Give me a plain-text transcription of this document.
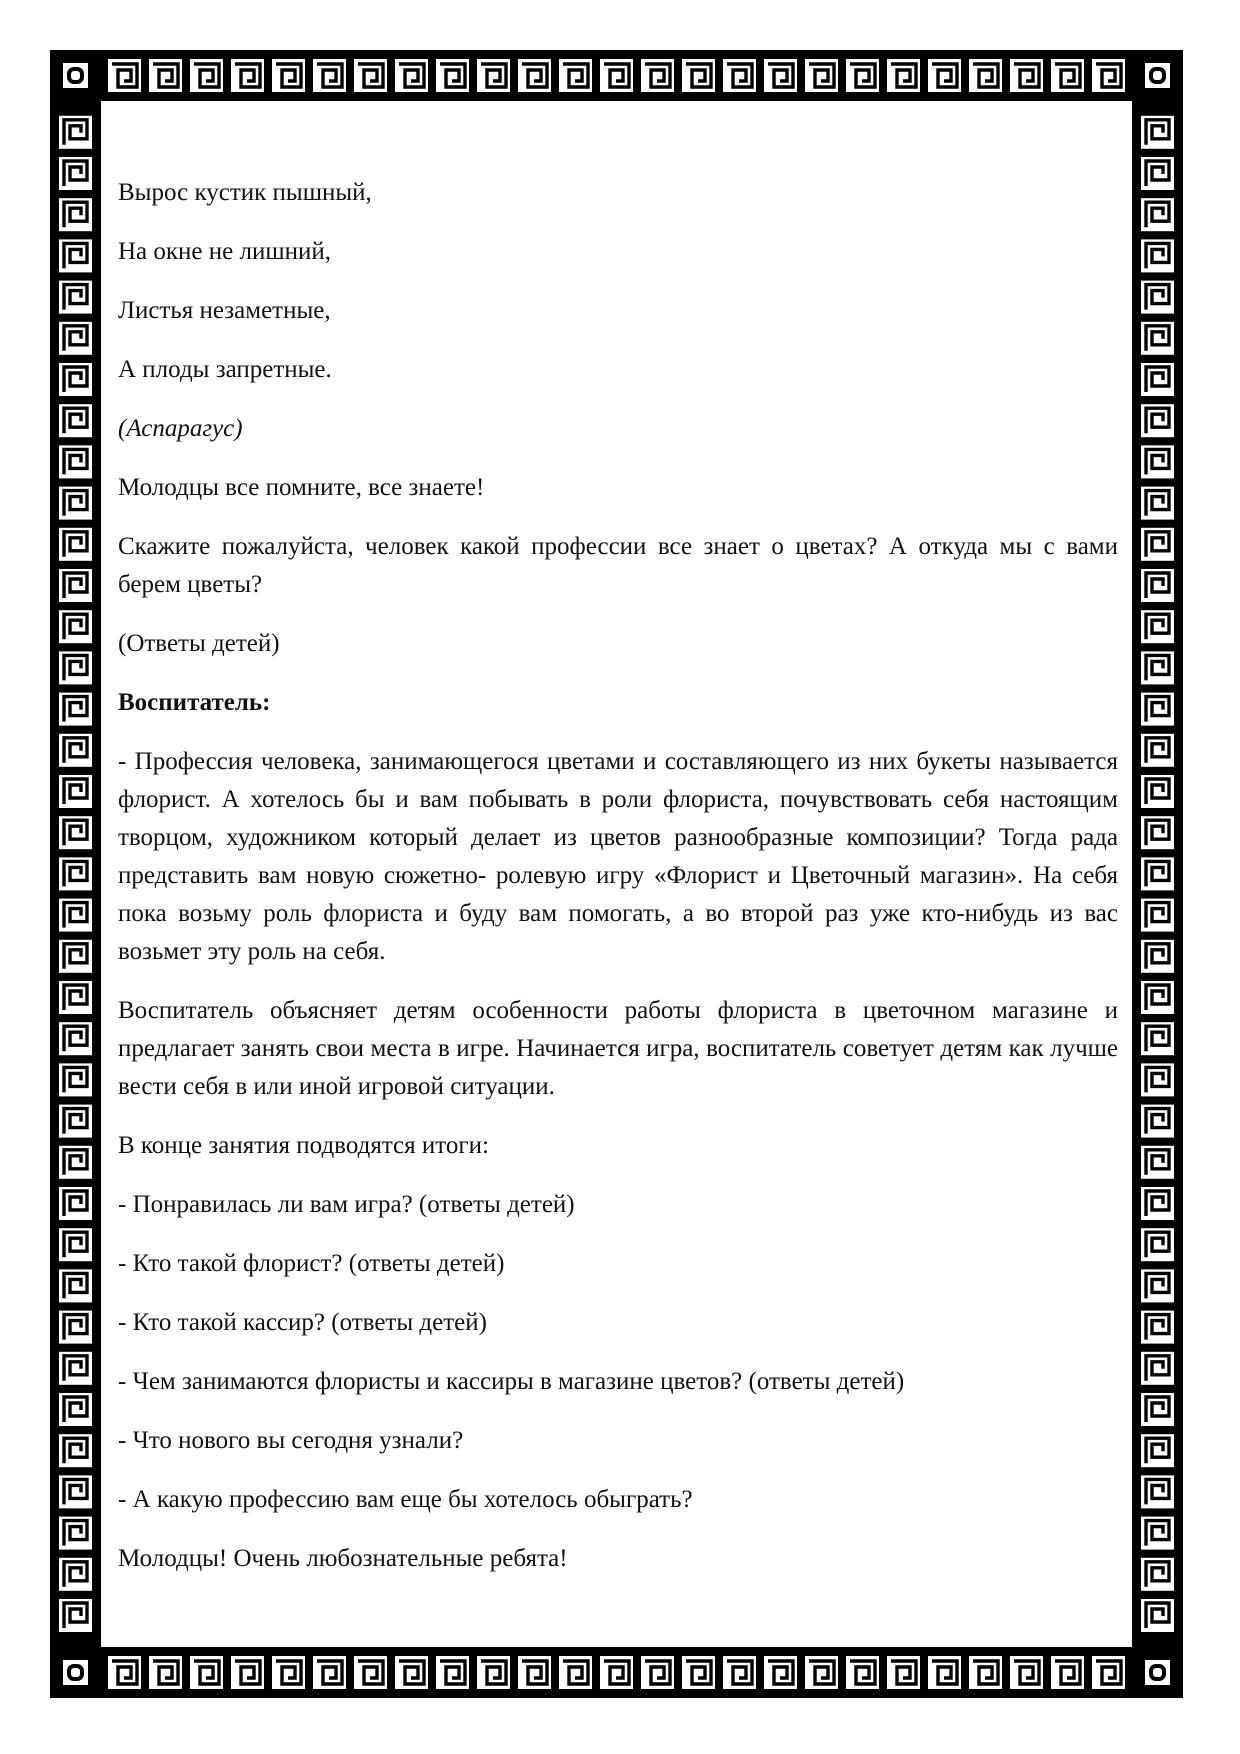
Вырос кустик пышный,

На окне не лишний,

Листья незаметные,

А плоды запретные.

(Аспарагус)

Молодцы все помните, все знаете!

Скажите пожалуйста, человек какой профессии все знает о цветах? А откуда мы с вами берем цветы?

(Ответы детей)

Воспитатель:

- Профессия человека, занимающегося цветами и составляющего из них букеты называется флорист. А хотелось бы и вам побывать в роли флориста, почувствовать себя настоящим творцом, художником который делает из цветов разнообразные композиции? Тогда рада представить вам новую сюжетно- ролевую игру «Флорист и Цветочный магазин». На себя пока возьму роль флориста и буду вам помогать, а во второй раз уже кто-нибудь из вас возьмет эту роль на себя.

Воспитатель объясняет детям особенности работы флориста в цветочном магазине и предлагает занять свои места в игре. Начинается игра, воспитатель советует детям как лучше вести себя в или иной игровой ситуации.

В конце занятия подводятся итоги:

- Понравилась ли вам игра? (ответы детей)

- Кто такой флорист? (ответы детей)

- Кто такой кассир? (ответы детей)

- Чем занимаются флористы и кассиры в магазине цветов? (ответы детей)

- Что нового вы сегодня узнали?

- А какую профессию вам еще бы хотелось обыграть?

Молодцы! Очень любознательные ребята!
